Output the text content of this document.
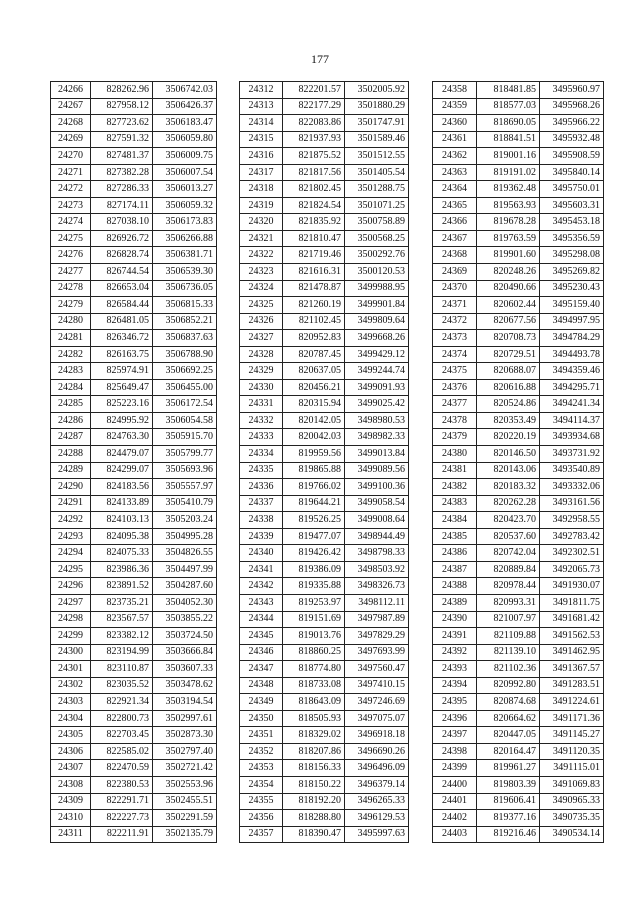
177
24266	828262.96	3506742.03
24267	827958.12	3506426.37
24268	827723.62	3506183.47
24269	827591.32	3506059.80
24270	827481.37	3506009.75
24271	827382.28	3506007.54
24272	827286.33	3506013.27
24273	827174.11	3506059.32
24274	827038.10	3506173.83
24275	826926.72	3506266.88
24276	826828.74	3506381.71
24277	826744.54	3506539.30
24278	826653.04	3506736.05
24279	826584.44	3506815.33
24280	826481.05	3506852.21
24281	826346.72	3506837.63
24282	826163.75	3506788.90
24283	825974.91	3506692.25
24284	825649.47	3506455.00
24285	825223.16	3506172.54
24286	824995.92	3506054.58
24287	824763.30	3505915.70
24288	824479.07	3505799.77
24289	824299.07	3505693.96
24290	824183.56	3505557.97
24291	824133.89	3505410.79
24292	824103.13	3505203.24
24293	824095.38	3504995.28
24294	824075.33	3504826.55
24295	823986.36	3504497.99
24296	823891.52	3504287.60
24297	823735.21	3504052.30
24298	823567.57	3503855.22
24299	823382.12	3503724.50
24300	823194.99	3503666.84
24301	823110.87	3503607.33
24302	823035.52	3503478.62
24303	822921.34	3503194.54
24304	822800.73	3502997.61
24305	822703.45	3502873.30
24306	822585.02	3502797.40
24307	822470.59	3502721.42
24308	822380.53	3502553.96
24309	822291.71	3502455.51
24310	822227.73	3502291.59
24311	822211.91	3502135.79
24312	822201.57	3502005.92
24313	822177.29	3501880.29
24314	822083.86	3501747.91
24315	821937.93	3501589.46
24316	821875.52	3501512.55
24317	821817.56	3501405.54
24318	821802.45	3501288.75
24319	821824.54	3501071.25
24320	821835.92	3500758.89
24321	821810.47	3500568.25
24322	821719.46	3500292.76
24323	821616.31	3500120.53
24324	821478.87	3499988.95
24325	821260.19	3499901.84
24326	821102.45	3499809.64
24327	820952.83	3499668.26
24328	820787.45	3499429.12
24329	820637.05	3499244.74
24330	820456.21	3499091.93
24331	820315.94	3499025.42
24332	820142.05	3498980.53
24333	820042.03	3498982.33
24334	819959.56	3499013.84
24335	819865.88	3499089.56
24336	819766.02	3499100.36
24337	819644.21	3499058.54
24338	819526.25	3499008.64
24339	819477.07	3498944.49
24340	819426.42	3498798.33
24341	819386.09	3498503.92
24342	819335.88	3498326.73
24343	819253.97	3498112.11
24344	819151.69	3497987.89
24345	819013.76	3497829.29
24346	818860.25	3497693.99
24347	818774.80	3497560.47
24348	818733.08	3497410.15
24349	818643.09	3497246.69
24350	818505.93	3497075.07
24351	818329.02	3496918.18
24352	818207.86	3496690.26
24353	818156.33	3496496.09
24354	818150.22	3496379.14
24355	818192.20	3496265.33
24356	818288.80	3496129.53
24357	818390.47	3495997.63
24358	818481.85	3495960.97
24359	818577.03	3495968.26
24360	818690.05	3495966.22
24361	818841.51	3495932.48
24362	819001.16	3495908.59
24363	819191.02	3495840.14
24364	819362.48	3495750.01
24365	819563.93	3495603.31
24366	819678.28	3495453.18
24367	819763.59	3495356.59
24368	819901.60	3495298.08
24369	820248.26	3495269.82
24370	820490.66	3495230.43
24371	820602.44	3495159.40
24372	820677.56	3494997.95
24373	820708.73	3494784.29
24374	820729.51	3494493.78
24375	820688.07	3494359.46
24376	820616.88	3494295.71
24377	820524.86	3494241.34
24378	820353.49	3494114.37
24379	820220.19	3493934.68
24380	820146.50	3493731.92
24381	820143.06	3493540.89
24382	820183.32	3493332.06
24383	820262.28	3493161.56
24384	820423.70	3492958.55
24385	820537.60	3492783.42
24386	820742.04	3492302.51
24387	820889.84	3492065.73
24388	820978.44	3491930.07
24389	820993.31	3491811.75
24390	821007.97	3491681.42
24391	821109.88	3491562.53
24392	821139.10	3491462.95
24393	821102.36	3491367.57
24394	820992.80	3491283.51
24395	820874.68	3491224.61
24396	820664.62	3491171.36
24397	820447.05	3491145.27
24398	820164.47	3491120.35
24399	819961.27	3491115.01
24400	819803.39	3491069.83
24401	819606.41	3490965.33
24402	819377.16	3490735.35
24403	819216.46	3490534.14
